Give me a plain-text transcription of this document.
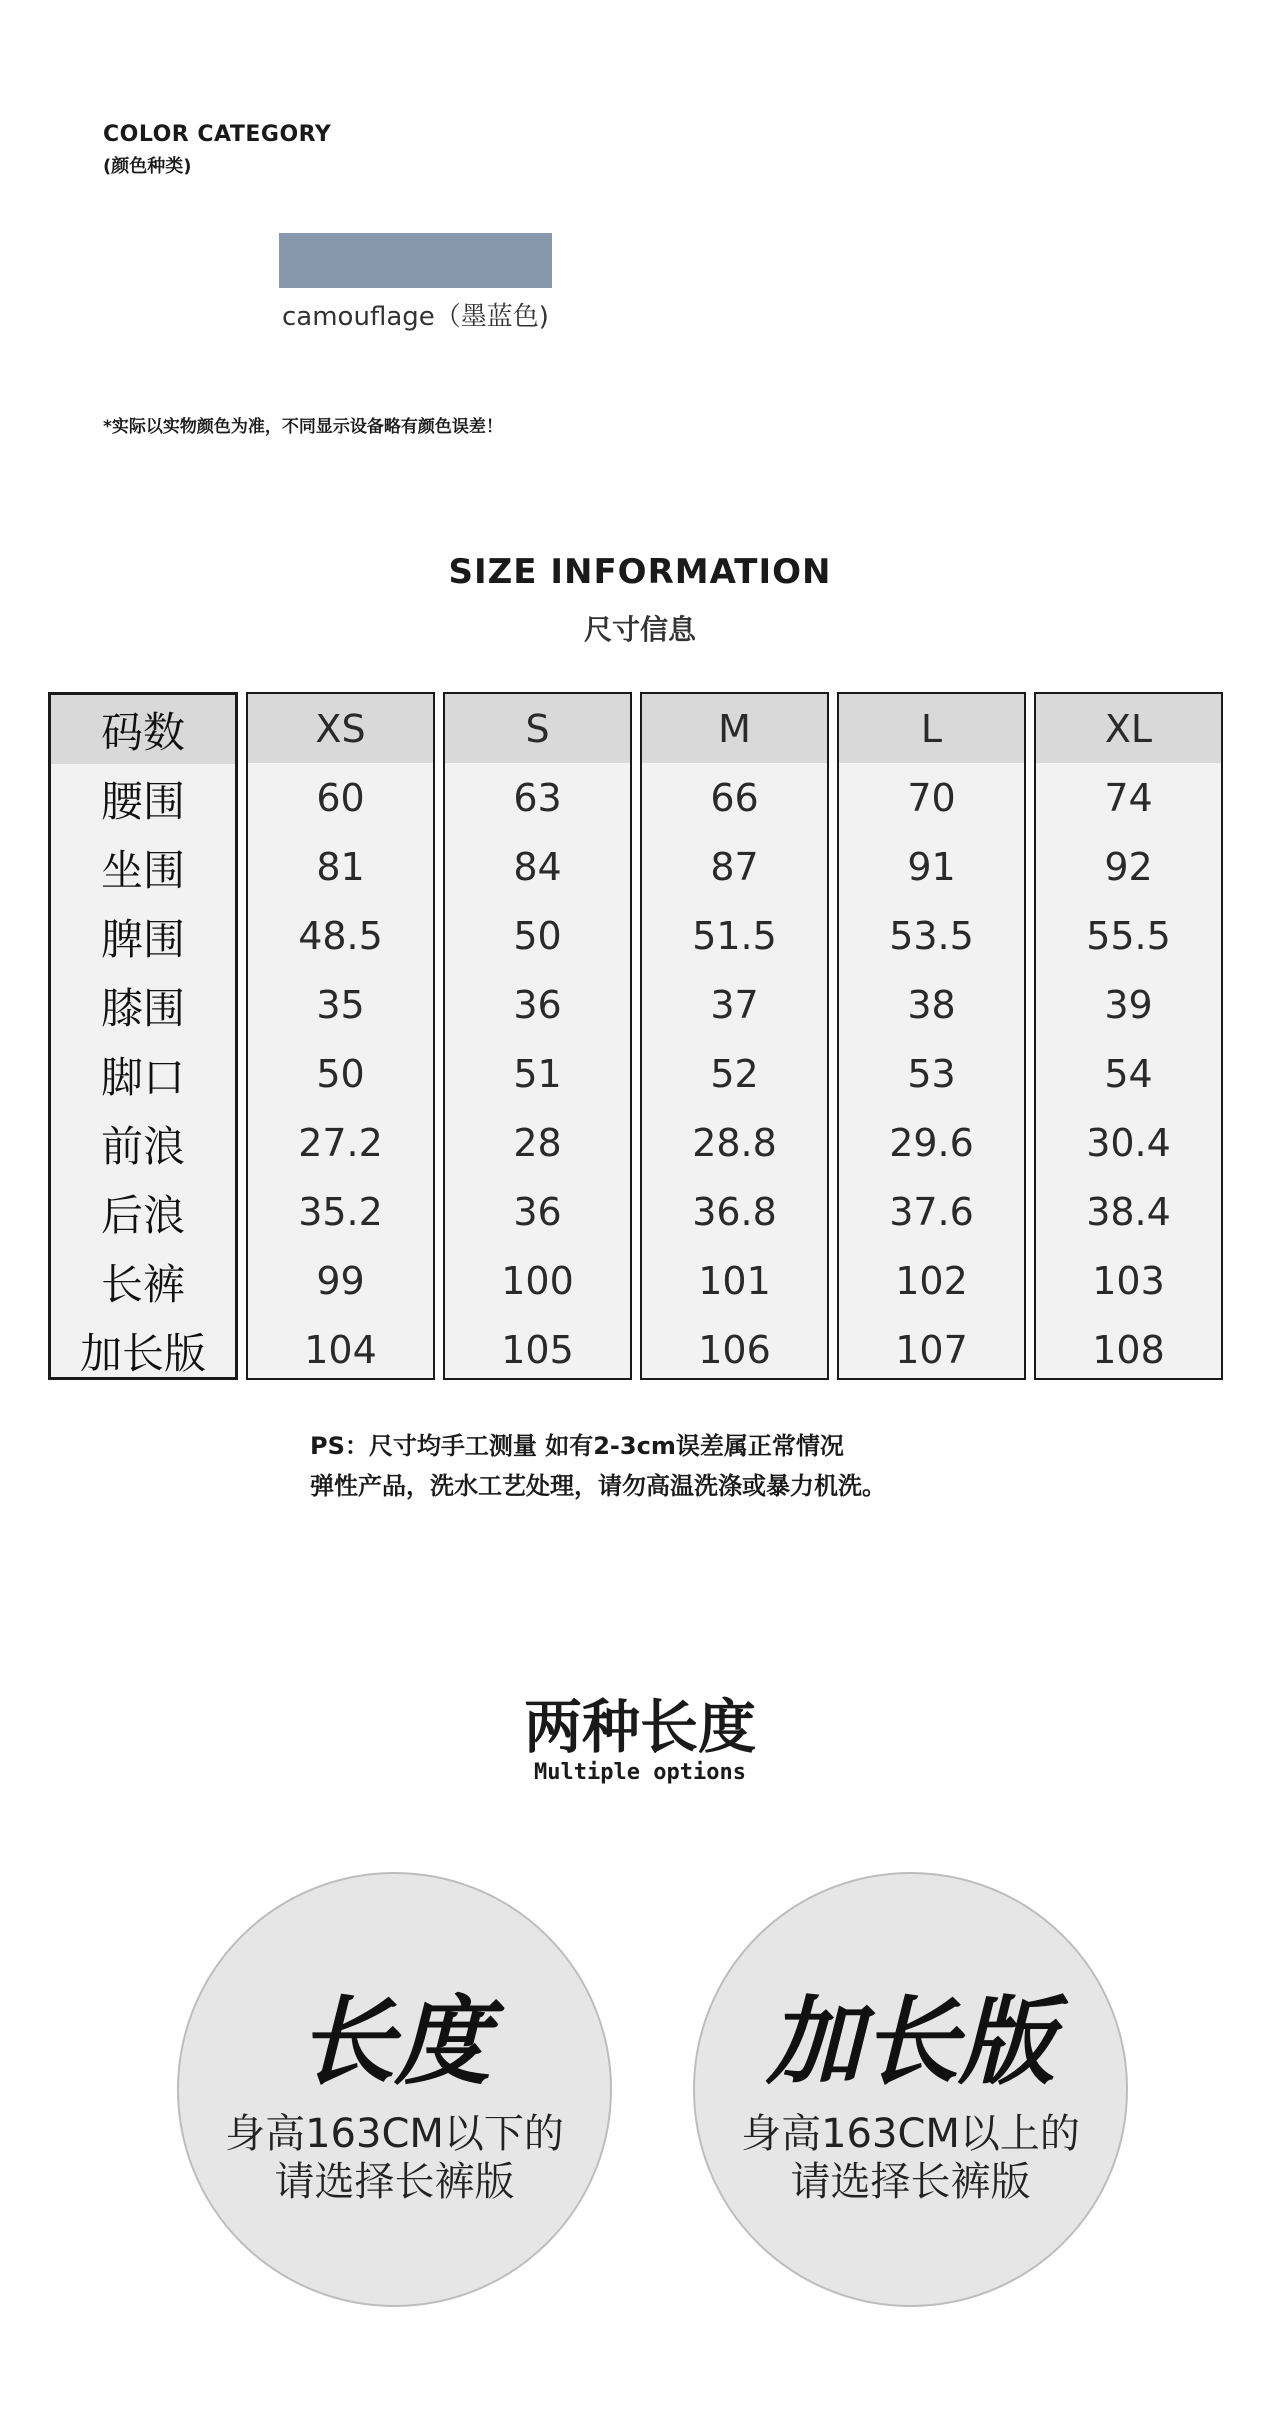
COLOR CATEGORY
(颜色种类)
camouflage（墨蓝色)
*实际以实物颜色为准，不同显示设备略有颜色误差！
SIZE INFORMATION
尺寸信息
码数
腰围
坐围
脾围
膝围
脚口
前浪
后浪
长裤
加长版
XS
60
81
48.5
35
50
27.2
35.2
99
104
S
63
84
50
36
51
28
36
100
105
M
66
87
51.5
37
52
28.8
36.8
101
106
L
70
91
53.5
38
53
29.6
37.6
102
107
XL
74
92
55.5
39
54
30.4
38.4
103
108
PS：尺寸均手工测量 如有2-3cm误差属正常情况
弹性产品，洗水工艺处理，请勿高温洗涤或暴力机洗。
两种长度
Multiple options
长度
身高163CM以下的
请选择长裤版
加长版
身高163CM以上的
请选择长裤版
